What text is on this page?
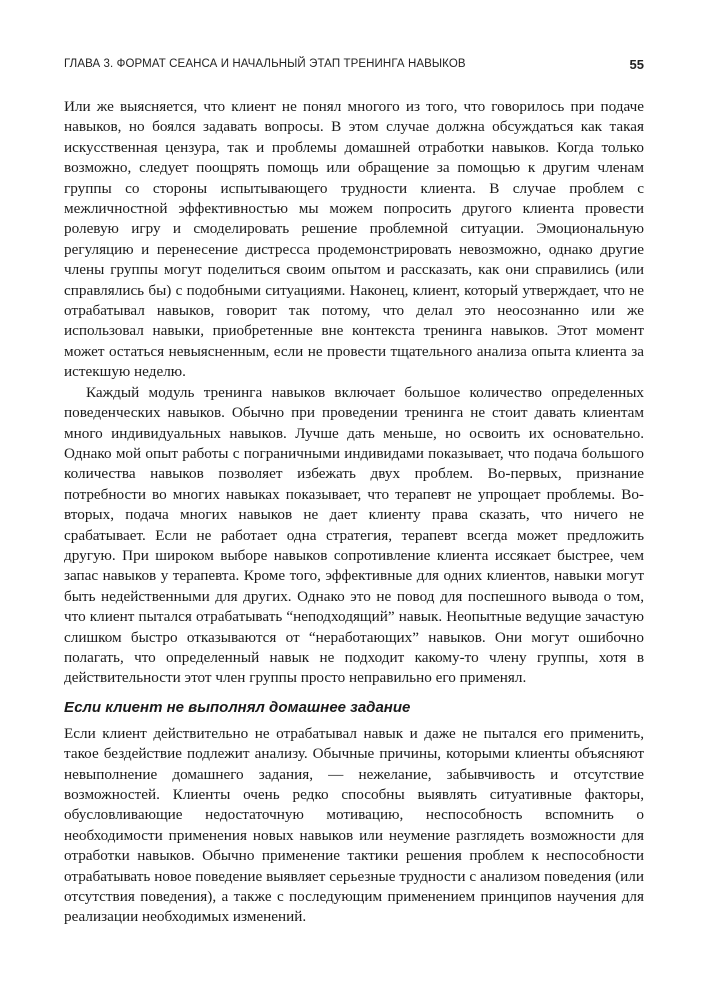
ГЛАВА 3. ФОРМАТ СЕАНСА И НАЧАЛЬНЫЙ ЭТАП ТРЕНИНГА НАВЫКОВ	55

Или же выясняется, что клиент не понял многого из того, что говорилось при подаче навыков, но боялся задавать вопросы. В этом случае должна обсуждаться как такая искусственная цензура, так и проблемы домашней отработки навыков. Когда только возможно, следует поощрять помощь или обращение за помощью к другим членам группы со стороны испытывающего трудности клиента. В случае проблем с межличностной эффективностью мы можем попросить другого клиента провести ролевую игру и смоделировать решение проблемной ситуации. Эмоциональную регуляцию и перенесение дистресса продемонстрировать невозможно, однако другие члены группы могут поделиться своим опытом и рассказать, как они справились (или справлялись бы) с подобными ситуациями. Наконец, клиент, который утверждает, что не отрабатывал навыков, говорит так потому, что делал это неосознанно или же использовал навыки, приобретенные вне контекста тренинга навыков. Этот момент может остаться невыясненным, если не провести тщательного анализа опыта клиента за истекшую неделю.

Каждый модуль тренинга навыков включает большое количество определенных поведенческих навыков. Обычно при проведении тренинга не стоит давать клиентам много индивидуальных навыков. Лучше дать меньше, но освоить их основательно. Однако мой опыт работы с пограничными индивидами показывает, что подача большого количества навыков позволяет избежать двух проблем. Во-первых, признание потребности во многих навыках показывает, что терапевт не упрощает проблемы. Во-вторых, подача многих навыков не дает клиенту права сказать, что ничего не срабатывает. Если не работает одна стратегия, терапевт всегда может предложить другую. При широком выборе навыков сопротивление клиента иссякает быстрее, чем запас навыков у терапевта. Кроме того, эффективные для одних клиентов, навыки могут быть недейственными для других. Однако это не повод для поспешного вывода о том, что клиент пытался отрабатывать “неподходящий” навык. Неопытные ведущие зачастую слишком быстро отказываются от “неработающих” навыков. Они могут ошибочно полагать, что определенный навык не подходит какому-то члену группы, хотя в действительности этот член группы просто неправильно его применял.

Если клиент не выполнял домашнее задание

Если клиент действительно не отрабатывал навык и даже не пытался его применить, такое бездействие подлежит анализу. Обычные причины, которыми клиенты объясняют невыполнение домашнего задания, — нежелание, забывчивость и отсутствие возможностей. Клиенты очень редко способны выявлять ситуативные факторы, обусловливающие недостаточную мотивацию, неспособность вспомнить о необходимости применения новых навыков или неумение разглядеть возможности для отработки навыков. Обычно применение тактики решения проблем к неспособности отрабатывать новое поведение выявляет серьезные трудности с анализом поведения (или отсутствия поведения), а также с последующим применением принципов научения для реализации необходимых изменений.
